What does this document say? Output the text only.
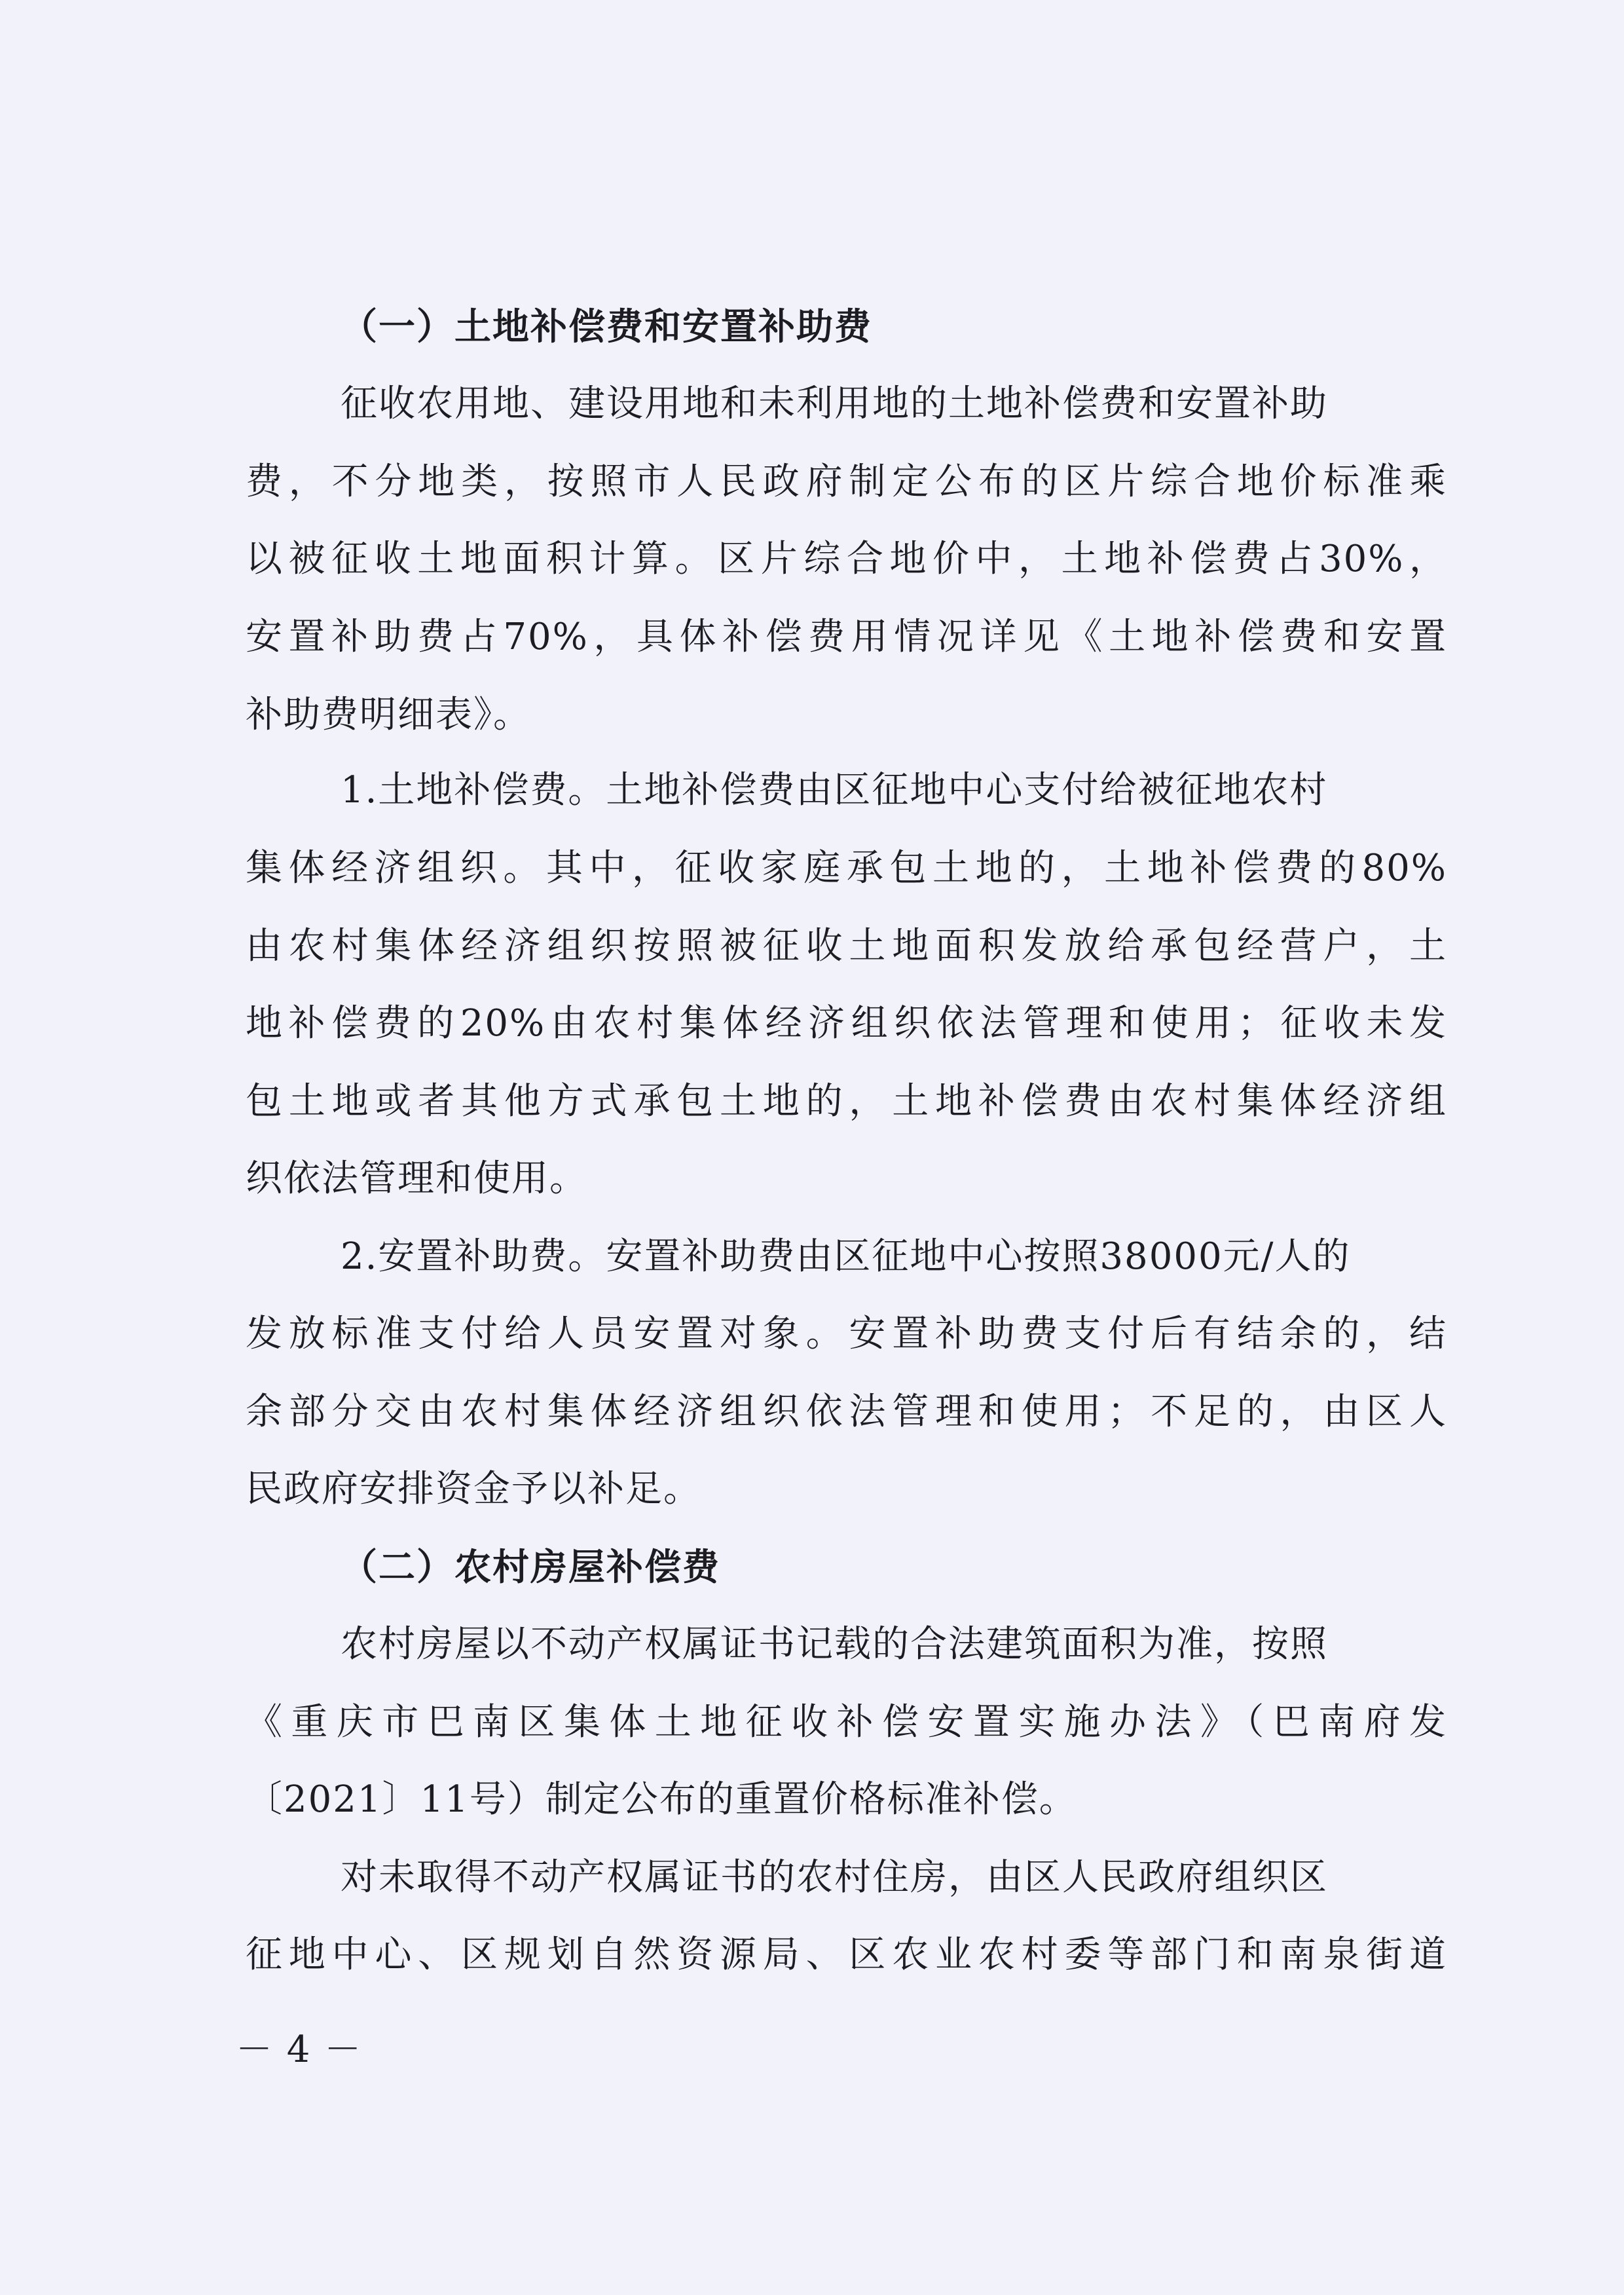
（一）土地补偿费和安置补助费

征收农用地、建设用地和未利用地的土地补偿费和安置补助

费，不分地类，按照市人民政府制定公布的区片综合地价标准乘

以被征收土地面积计算。区片综合地价中，土地补偿费占30%，

安置补助费占70%，具体补偿费用情况详见《土地补偿费和安置

补助费明细表》。

1.土地补偿费。土地补偿费由区征地中心支付给被征地农村

集体经济组织。其中，征收家庭承包土地的，土地补偿费的80%

由农村集体经济组织按照被征收土地面积发放给承包经营户，土

地补偿费的20%由农村集体经济组织依法管理和使用；征收未发

包土地或者其他方式承包土地的，土地补偿费由农村集体经济组

织依法管理和使用。

2.安置补助费。安置补助费由区征地中心按照38000元/人的

发放标准支付给人员安置对象。安置补助费支付后有结余的，结

余部分交由农村集体经济组织依法管理和使用；不足的，由区人

民政府安排资金予以补足。

（二）农村房屋补偿费

农村房屋以不动产权属证书记载的合法建筑面积为准，按照

《重庆市巴南区集体土地征收补偿安置实施办法》（巴南府发

〔2021〕11号）制定公布的重置价格标准补偿。

对未取得不动产权属证书的农村住房，由区人民政府组织区

征地中心、区规划自然资源局、区农业农村委等部门和南泉街道

－ 4 －
